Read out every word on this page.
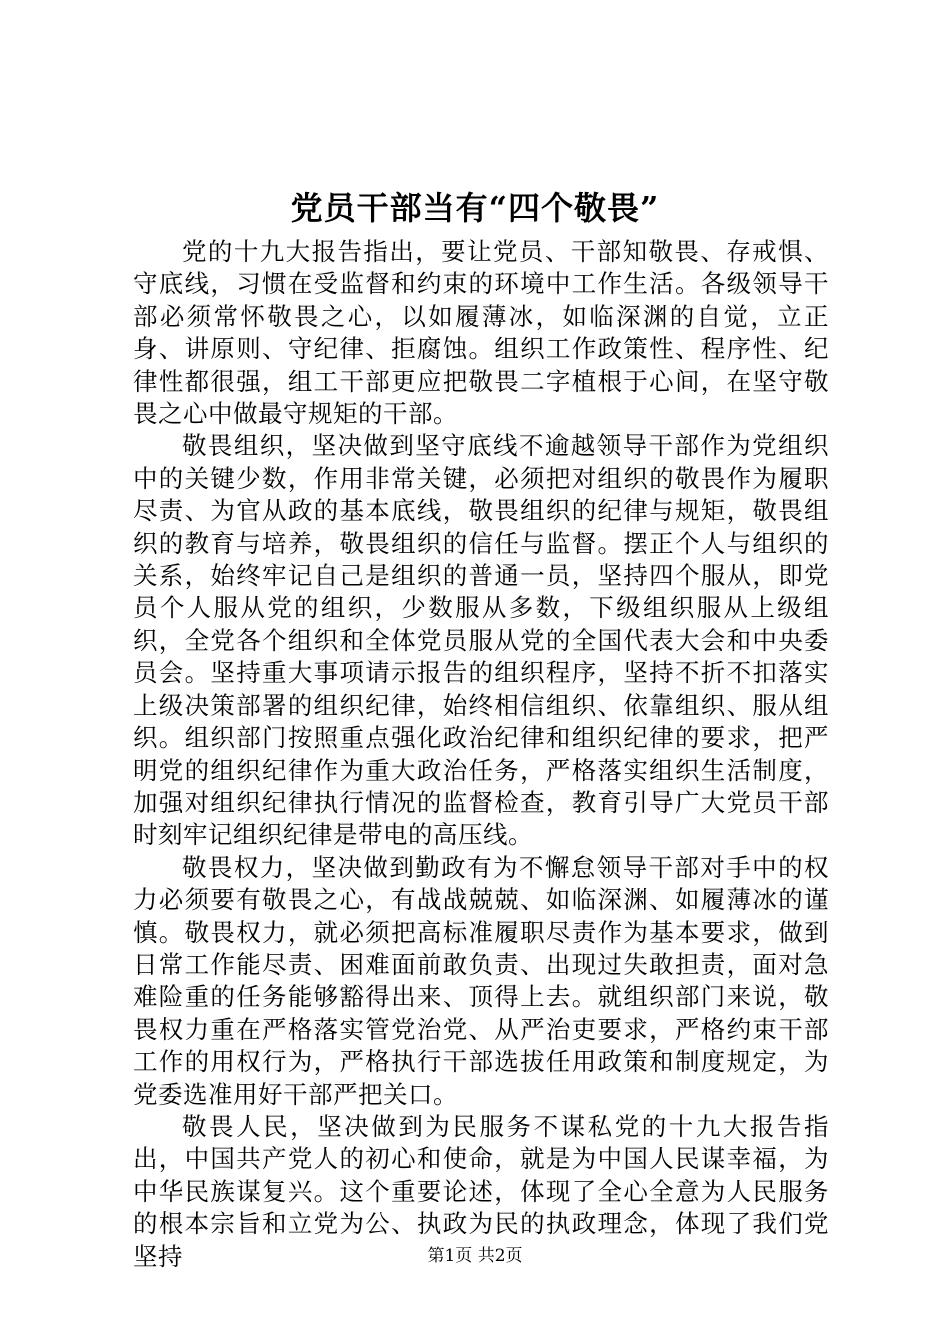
党员干部当有“四个敬畏”

党的十九大报告指出，要让党员、干部知敬畏、存戒惧、守底线，习惯在受监督和约束的环境中工作生活。各级领导干部必须常怀敬畏之心，以如履薄冰，如临深渊的自觉，立正身、讲原则、守纪律、拒腐蚀。组织工作政策性、程序性、纪律性都很强，组工干部更应把敬畏二字植根于心间，在坚守敬畏之心中做最守规矩的干部。

敬畏组织，坚决做到坚守底线不逾越领导干部作为党组织中的关键少数，作用非常关键，必须把对组织的敬畏作为履职尽责、为官从政的基本底线，敬畏组织的纪律与规矩，敬畏组织的教育与培养，敬畏组织的信任与监督。摆正个人与组织的关系，始终牢记自己是组织的普通一员，坚持四个服从，即党员个人服从党的组织，少数服从多数，下级组织服从上级组织，全党各个组织和全体党员服从党的全国代表大会和中央委员会。坚持重大事项请示报告的组织程序，坚持不折不扣落实上级决策部署的组织纪律，始终相信组织、依靠组织、服从组织。组织部门按照重点强化政治纪律和组织纪律的要求，把严明党的组织纪律作为重大政治任务，严格落实组织生活制度，加强对组织纪律执行情况的监督检查，教育引导广大党员干部时刻牢记组织纪律是带电的高压线。

敬畏权力，坚决做到勤政有为不懈怠领导干部对手中的权力必须要有敬畏之心，有战战兢兢、如临深渊、如履薄冰的谨慎。敬畏权力，就必须把高标准履职尽责作为基本要求，做到日常工作能尽责、困难面前敢负责、出现过失敢担责，面对急难险重的任务能够豁得出来、顶得上去。就组织部门来说，敬畏权力重在严格落实管党治党、从严治吏要求，严格约束干部工作的用权行为，严格执行干部选拔任用政策和制度规定，为党委选准用好干部严把关口。

敬畏人民，坚决做到为民服务不谋私党的十九大报告指出，中国共产党人的初心和使命，就是为中国人民谋幸福，为中华民族谋复兴。这个重要论述，体现了全心全意为人民服务的根本宗旨和立党为公、执政为民的执政理念，体现了我们党坚持	第1页 共2页
